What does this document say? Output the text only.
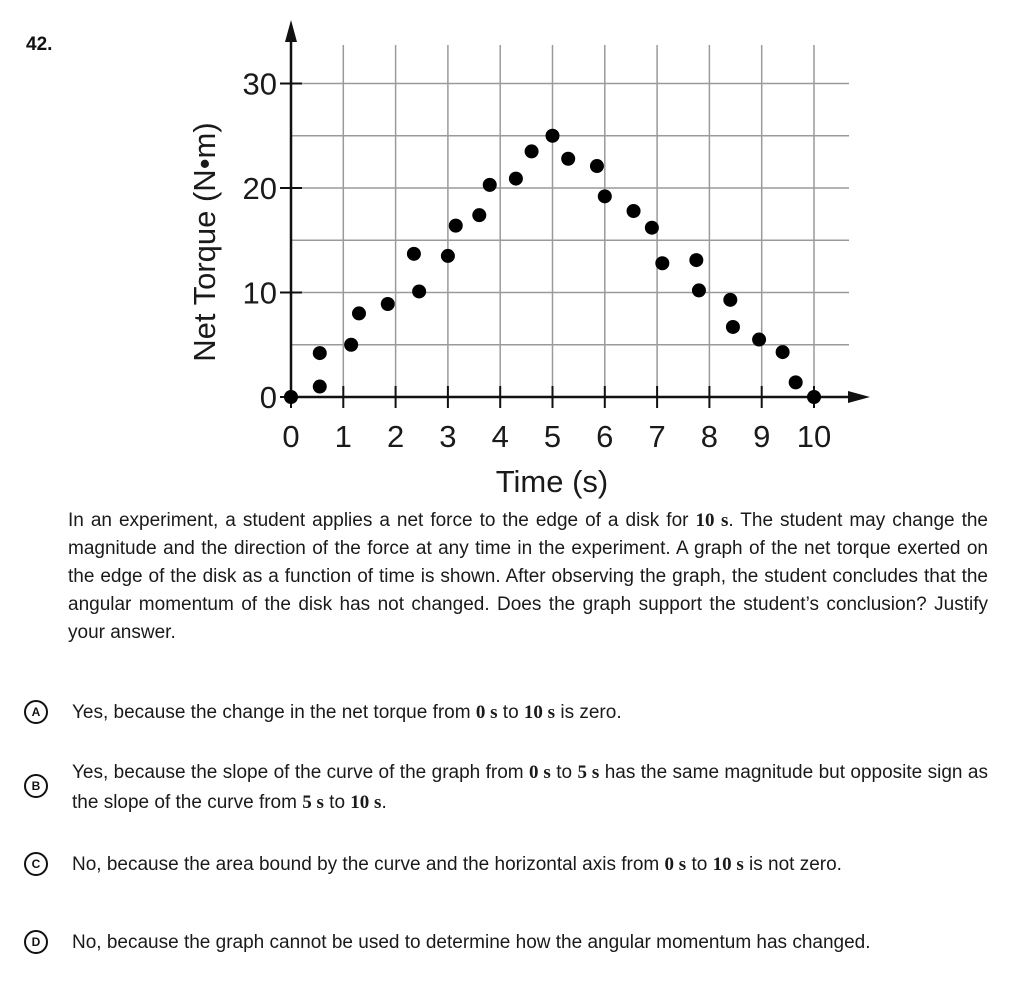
42.
0 1 2 3 4 5 6 7 8 9 10
0
10
20
30
Net Torque (N•m)
Time (s)
In an experiment, a student applies a net force to the edge of a disk for 10 s. The student may change the magnitude and the direction of the force at any time in the experiment. A graph of the net torque exerted on the edge of the disk as a function of time is shown. After observing the graph, the student concludes that the angular momentum of the disk has not changed. Does the graph support the student’s conclusion? Justify your answer.
A	Yes, because the change in the net torque from 0 s to 10 s is zero.
B
Yes, because the slope of the curve of the graph from 0 s to 5 s has the same magnitude but opposite sign as the slope of the curve from 5 s to 10 s.
C	No, because the area bound by the curve and the horizontal axis from 0 s to 10 s is not zero.
D	No, because the graph cannot be used to determine how the angular momentum has changed.
